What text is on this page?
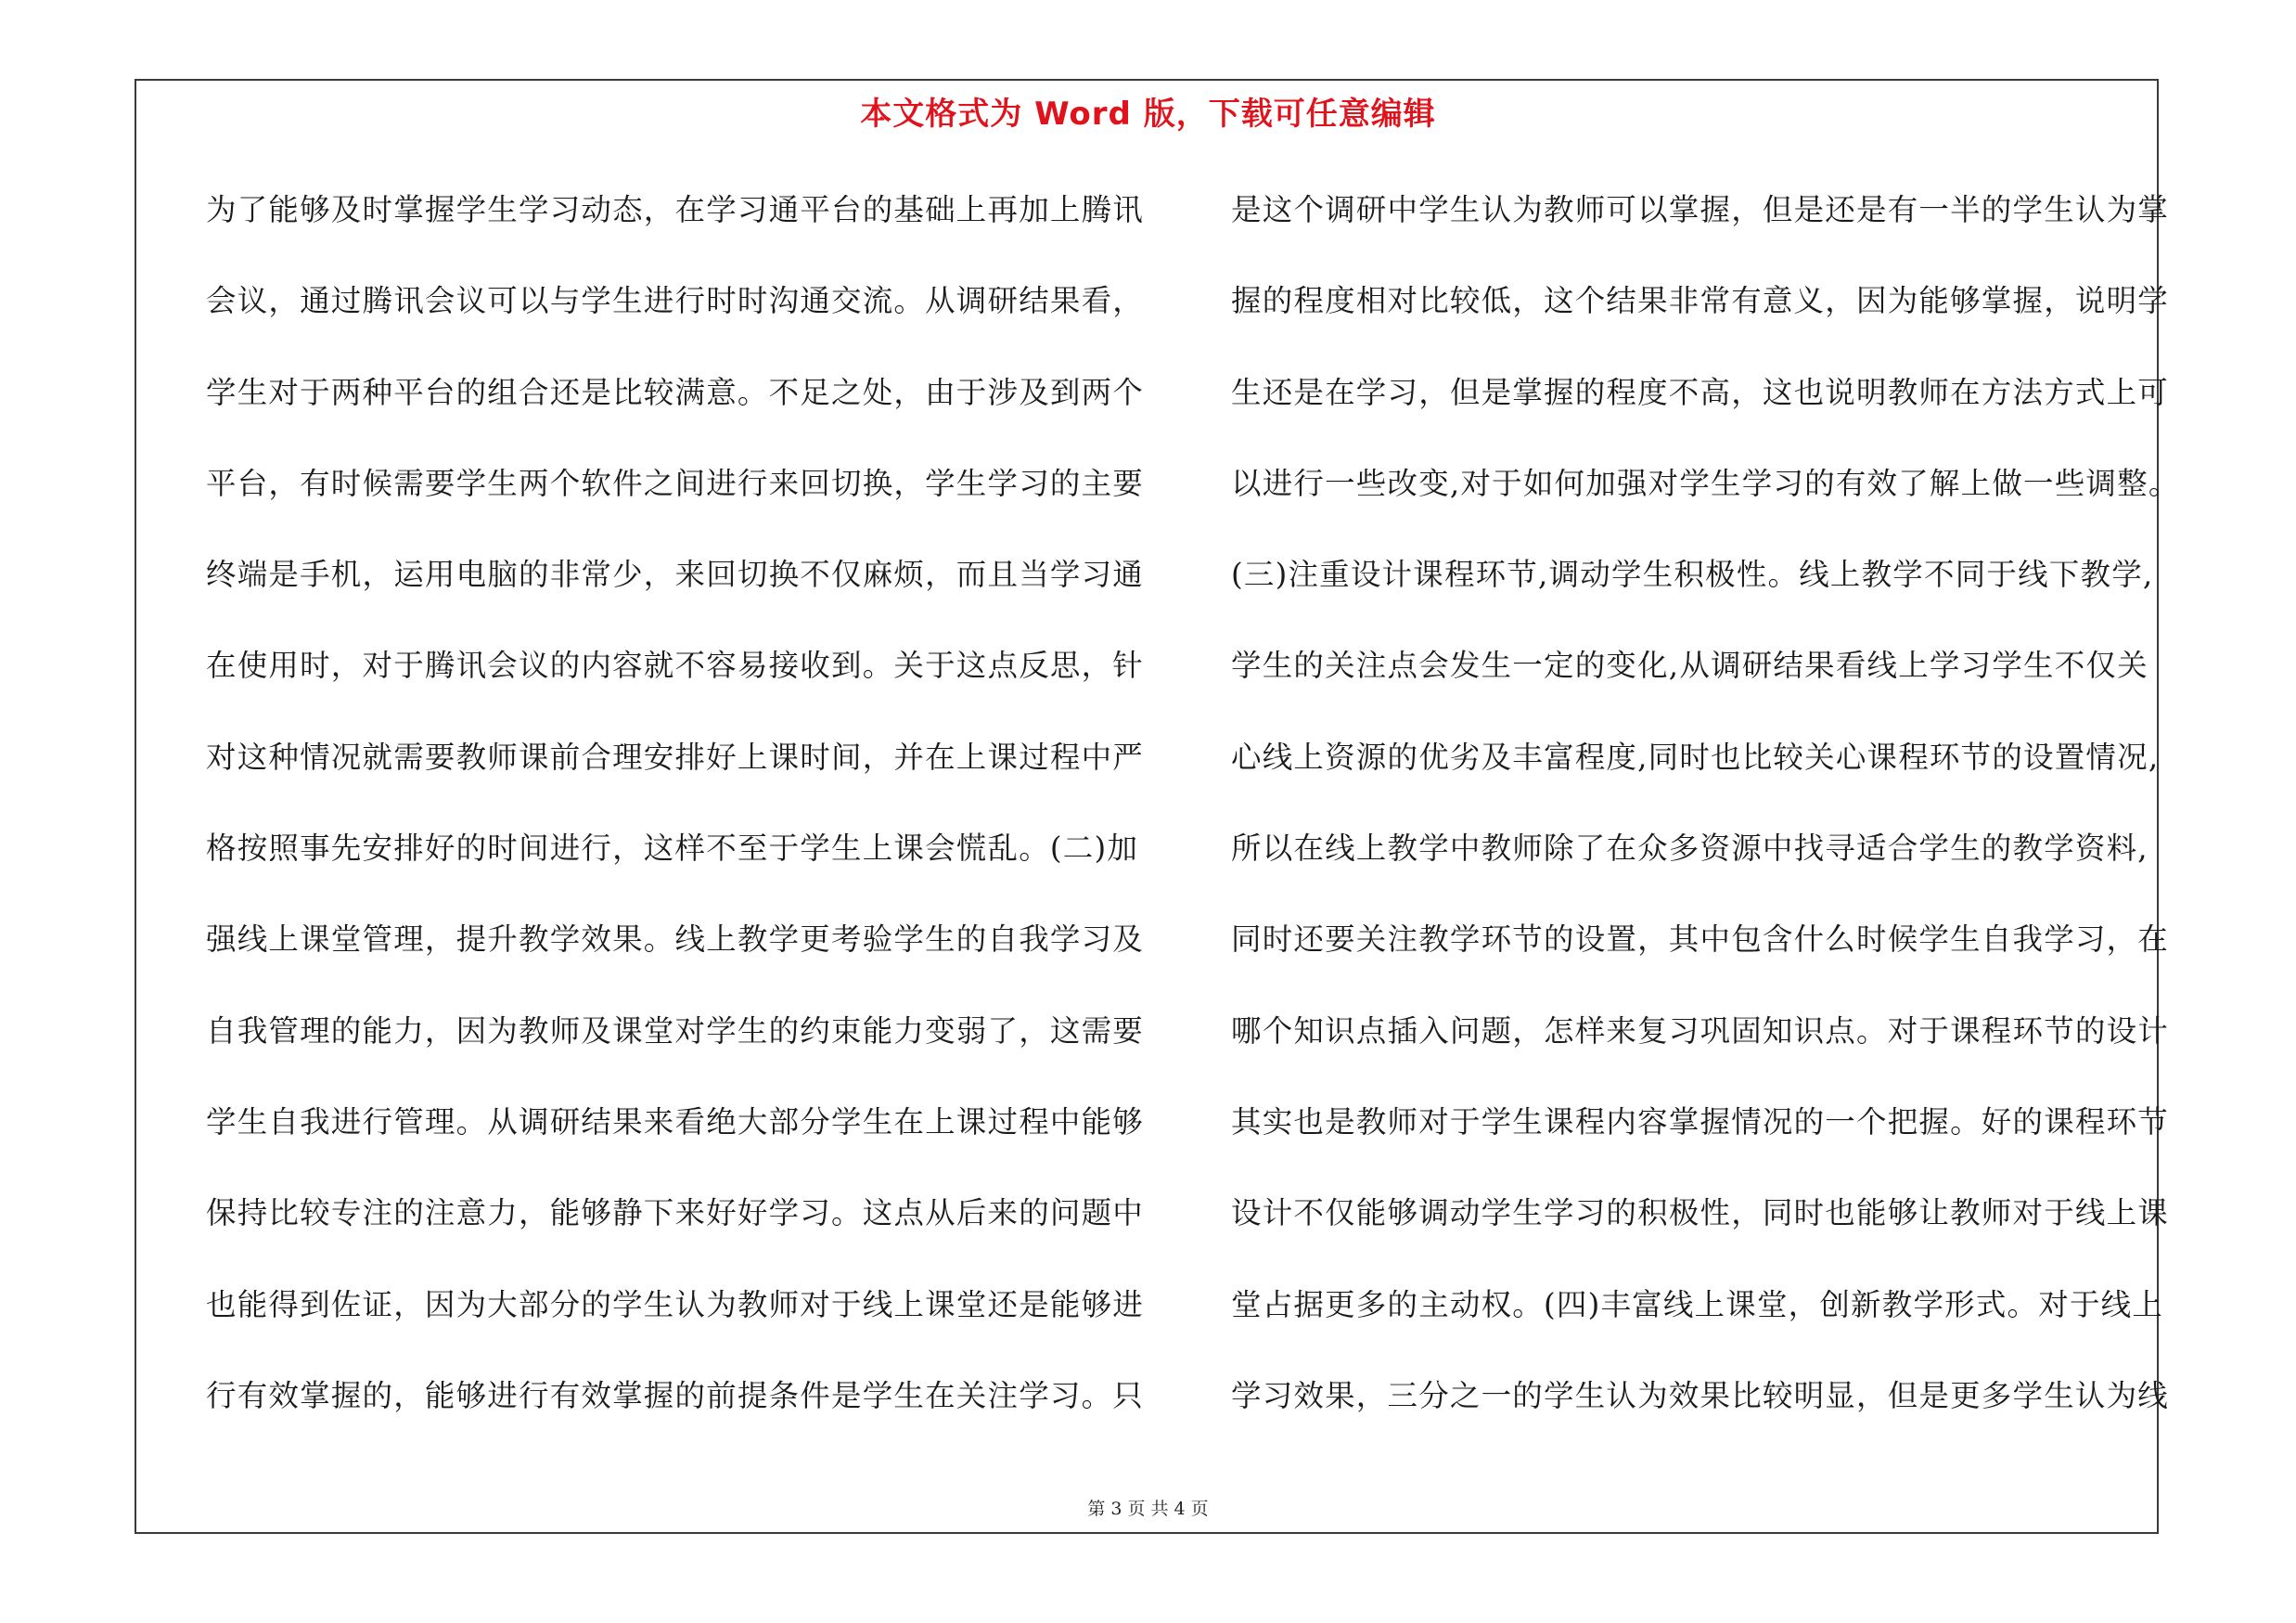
本文格式为 Word 版，下载可任意编辑
为了能够及时掌握学生学习动态，在学习通平台的基础上再加上腾讯
会议，通过腾讯会议可以与学生进行时时沟通交流。从调研结果看，
学生对于两种平台的组合还是比较满意。不足之处，由于涉及到两个
平台，有时候需要学生两个软件之间进行来回切换，学生学习的主要
终端是手机，运用电脑的非常少，来回切换不仅麻烦，而且当学习通
在使用时，对于腾讯会议的内容就不容易接收到。关于这点反思，针
对这种情况就需要教师课前合理安排好上课时间，并在上课过程中严
格按照事先安排好的时间进行，这样不至于学生上课会慌乱。(二)加
强线上课堂管理，提升教学效果。线上教学更考验学生的自我学习及
自我管理的能力，因为教师及课堂对学生的约束能力变弱了，这需要
学生自我进行管理。从调研结果来看绝大部分学生在上课过程中能够
保持比较专注的注意力，能够静下来好好学习。这点从后来的问题中
也能得到佐证，因为大部分的学生认为教师对于线上课堂还是能够进
行有效掌握的，能够进行有效掌握的前提条件是学生在关注学习。只
是这个调研中学生认为教师可以掌握，但是还是有一半的学生认为掌
握的程度相对比较低，这个结果非常有意义，因为能够掌握，说明学
生还是在学习，但是掌握的程度不高，这也说明教师在方法方式上可
以进行一些改变,对于如何加强对学生学习的有效了解上做一些调整。
(三)注重设计课程环节,调动学生积极性。线上教学不同于线下教学,
学生的关注点会发生一定的变化,从调研结果看线上学习学生不仅关
心线上资源的优劣及丰富程度,同时也比较关心课程环节的设置情况,
所以在线上教学中教师除了在众多资源中找寻适合学生的教学资料,
同时还要关注教学环节的设置，其中包含什么时候学生自我学习，在
哪个知识点插入问题，怎样来复习巩固知识点。对于课程环节的设计
其实也是教师对于学生课程内容掌握情况的一个把握。好的课程环节
设计不仅能够调动学生学习的积极性，同时也能够让教师对于线上课
堂占据更多的主动权。(四)丰富线上课堂，创新教学形式。对于线上
学习效果，三分之一的学生认为效果比较明显，但是更多学生认为线
第 3 页 共 4 页
